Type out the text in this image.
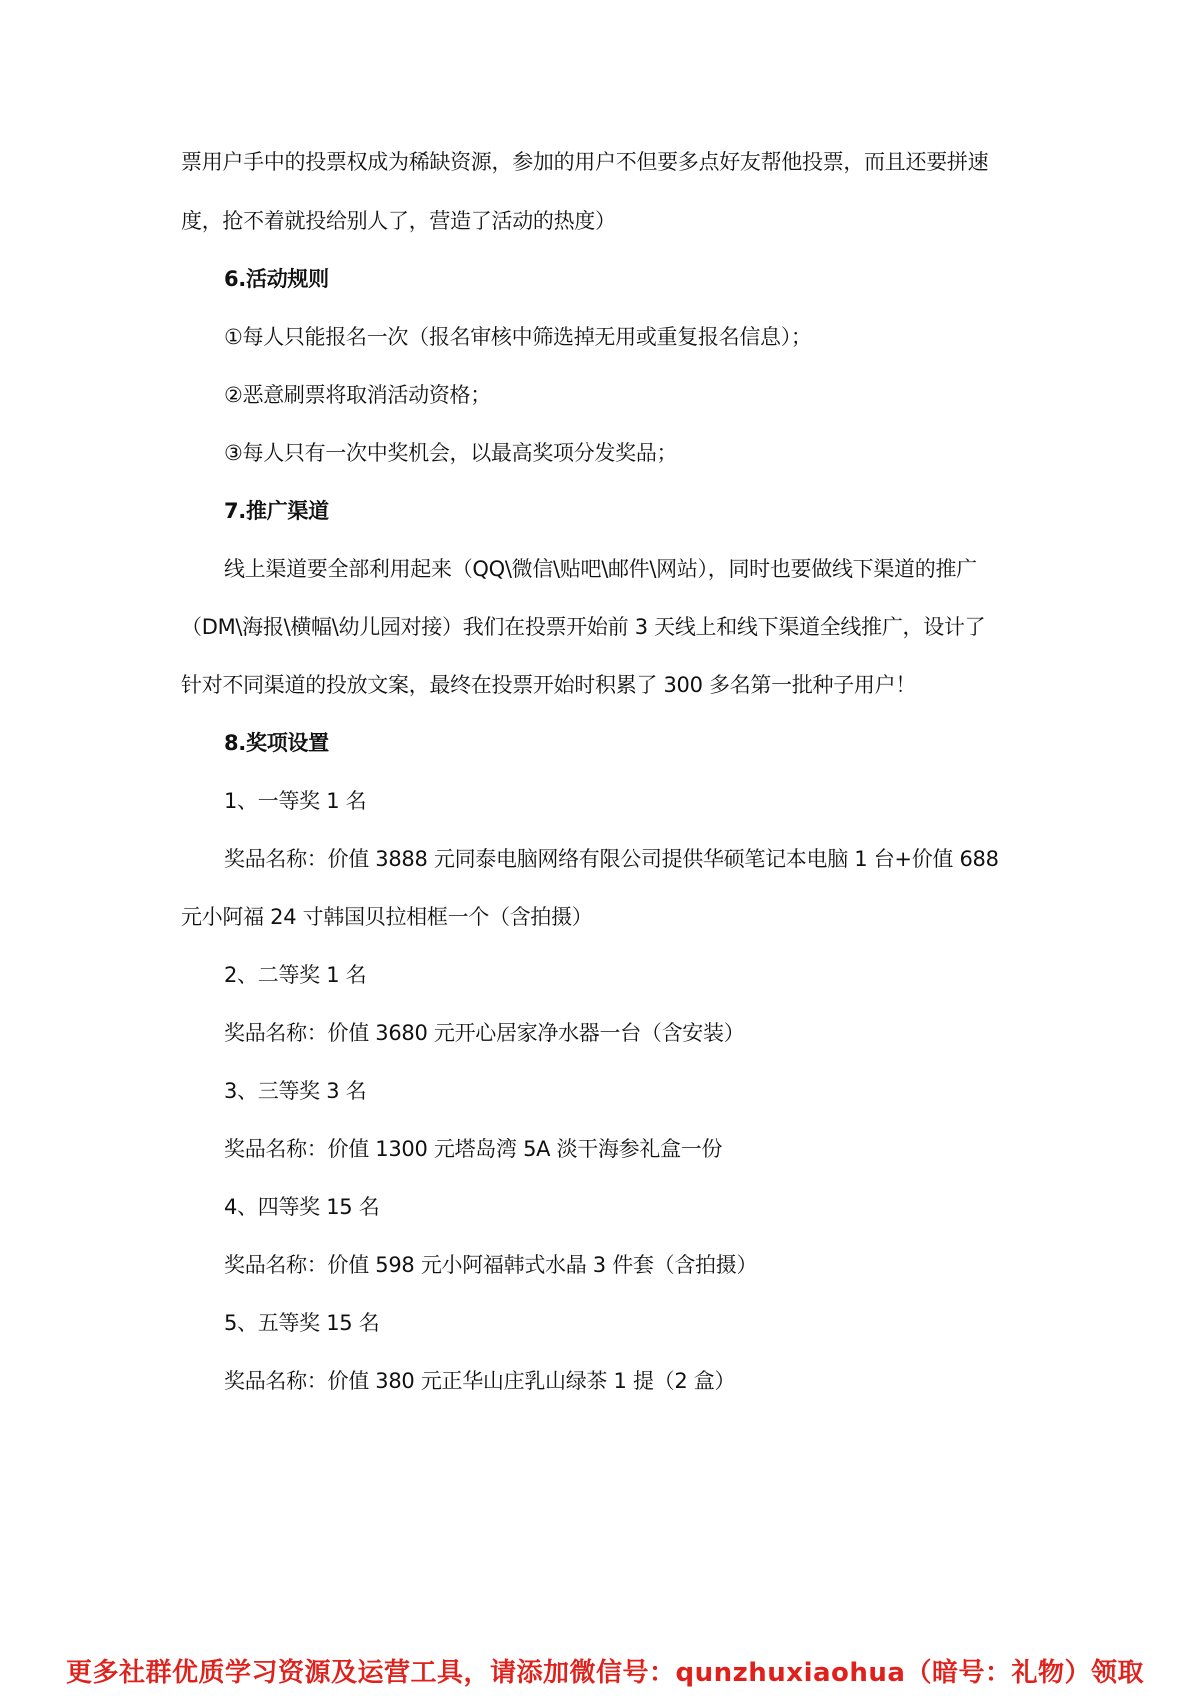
票用户手中的投票权成为稀缺资源，参加的用户不但要多点好友帮他投票，而且还要拼速

度，抢不着就投给别人了，营造了活动的热度）

6.活动规则

①每人只能报名一次（报名审核中筛选掉无用或重复报名信息）；

②恶意刷票将取消活动资格；

③每人只有一次中奖机会，以最高奖项分发奖品；

7.推广渠道

线上渠道要全部利用起来（QQ\微信\贴吧\邮件\网站），同时也要做线下渠道的推广

（DM\海报\横幅\幼儿园对接）我们在投票开始前 3 天线上和线下渠道全线推广，设计了

针对不同渠道的投放文案，最终在投票开始时积累了 300 多名第一批种子用户！

8.奖项设置

1、一等奖 1 名

奖品名称：价值 3888 元同泰电脑网络有限公司提供华硕笔记本电脑 1 台+价值 688

元小阿福 24 寸韩国贝拉相框一个（含拍摄）

2、二等奖 1 名

奖品名称：价值 3680 元开心居家净水器一台（含安装）

3、三等奖 3 名

奖品名称：价值 1300 元塔岛湾 5A 淡干海参礼盒一份

4、四等奖 15 名

奖品名称：价值 598 元小阿福韩式水晶 3 件套（含拍摄）

5、五等奖 15 名

奖品名称：价值 380 元正华山庄乳山绿茶 1 提（2 盒）

更多社群优质学习资源及运营工具，请添加微信号：qunzhuxiaohua（暗号：礼物）领取
